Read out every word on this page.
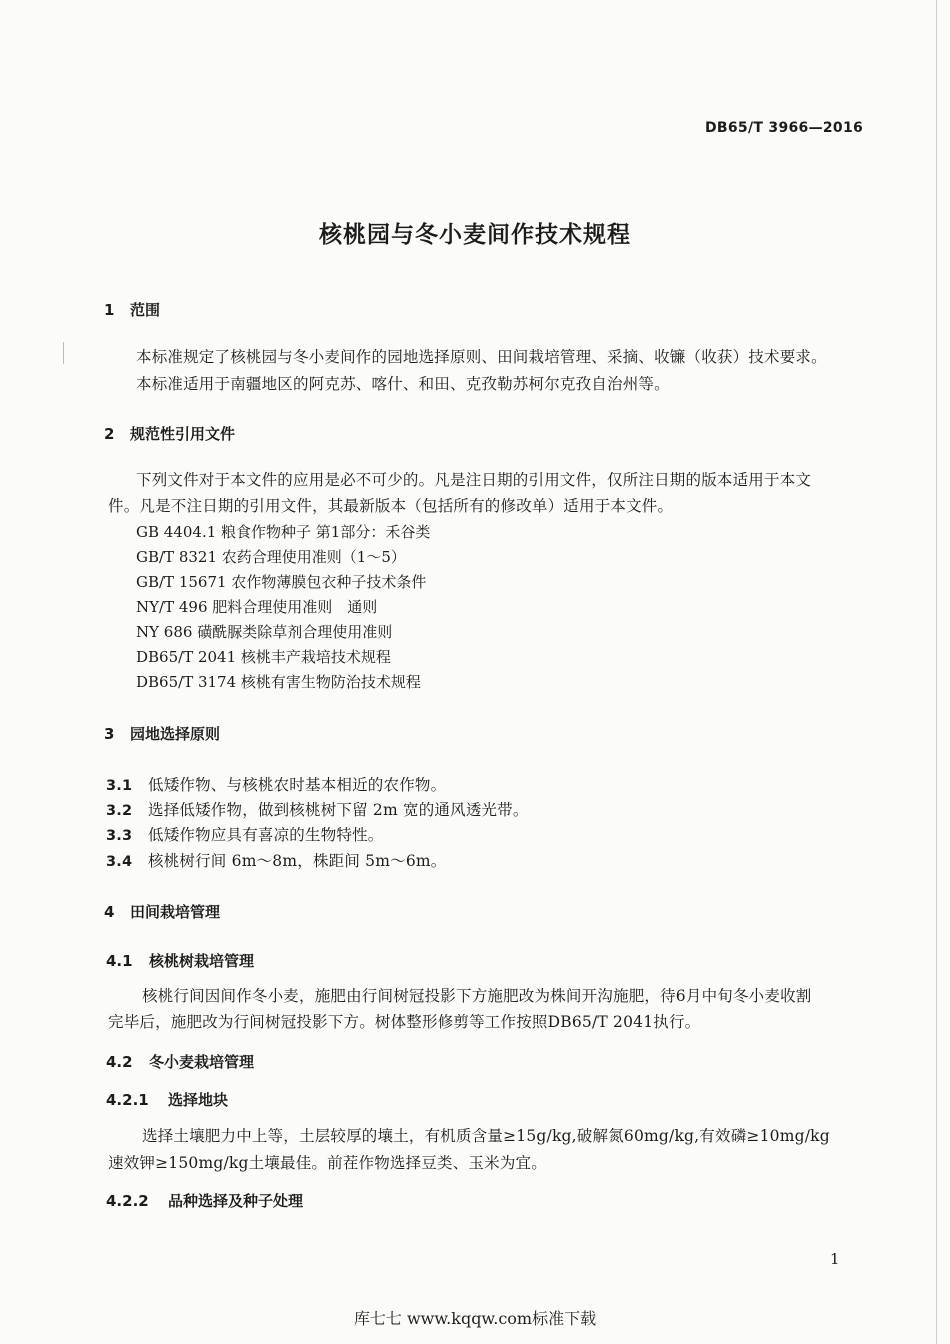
DB65/T 3966—2016
核桃园与冬小麦间作技术规程
1 范围
本标准规定了核桃园与冬小麦间作的园地选择原则、田间栽培管理、采摘、收镰（收获）技术要求。
本标准适用于南疆地区的阿克苏、喀什、和田、克孜勒苏柯尔克孜自治州等。
2 规范性引用文件
下列文件对于本文件的应用是必不可少的。凡是注日期的引用文件，仅所注日期的版本适用于本文
件。凡是不注日期的引用文件，其最新版本（包括所有的修改单）适用于本文件。
GB 4404.1 粮食作物种子 第1部分：禾谷类
GB/T 8321 农药合理使用准则（1～5）
GB/T 15671 农作物薄膜包衣种子技术条件
NY/T 496 肥料合理使用准则　通则
NY 686 磺酰脲类除草剂合理使用准则
DB65/T 2041 核桃丰产栽培技术规程
DB65/T 3174 核桃有害生物防治技术规程
3 园地选择原则
3.1 低矮作物、与核桃农时基本相近的农作物。
3.2 选择低矮作物，做到核桃树下留 2m 宽的通风透光带。
3.3 低矮作物应具有喜凉的生物特性。
3.4 核桃树行间 6m～8m，株距间 5m～6m。
4 田间栽培管理
4.1 核桃树栽培管理
核桃行间因间作冬小麦，施肥由行间树冠投影下方施肥改为株间开沟施肥，待6月中旬冬小麦收割
完毕后，施肥改为行间树冠投影下方。树体整形修剪等工作按照DB65/T 2041执行。
4.2 冬小麦栽培管理
4.2.1 选择地块
选择土壤肥力中上等，土层较厚的壤土，有机质含量≥15g/kg,破解氮60mg/kg,有效磷≥10mg/kg
速效钾≥150mg/kg土壤最佳。前茬作物选择豆类、玉米为宜。
4.2.2 品种选择及种子处理
1
库七七 www.kqqw.com标准下载
